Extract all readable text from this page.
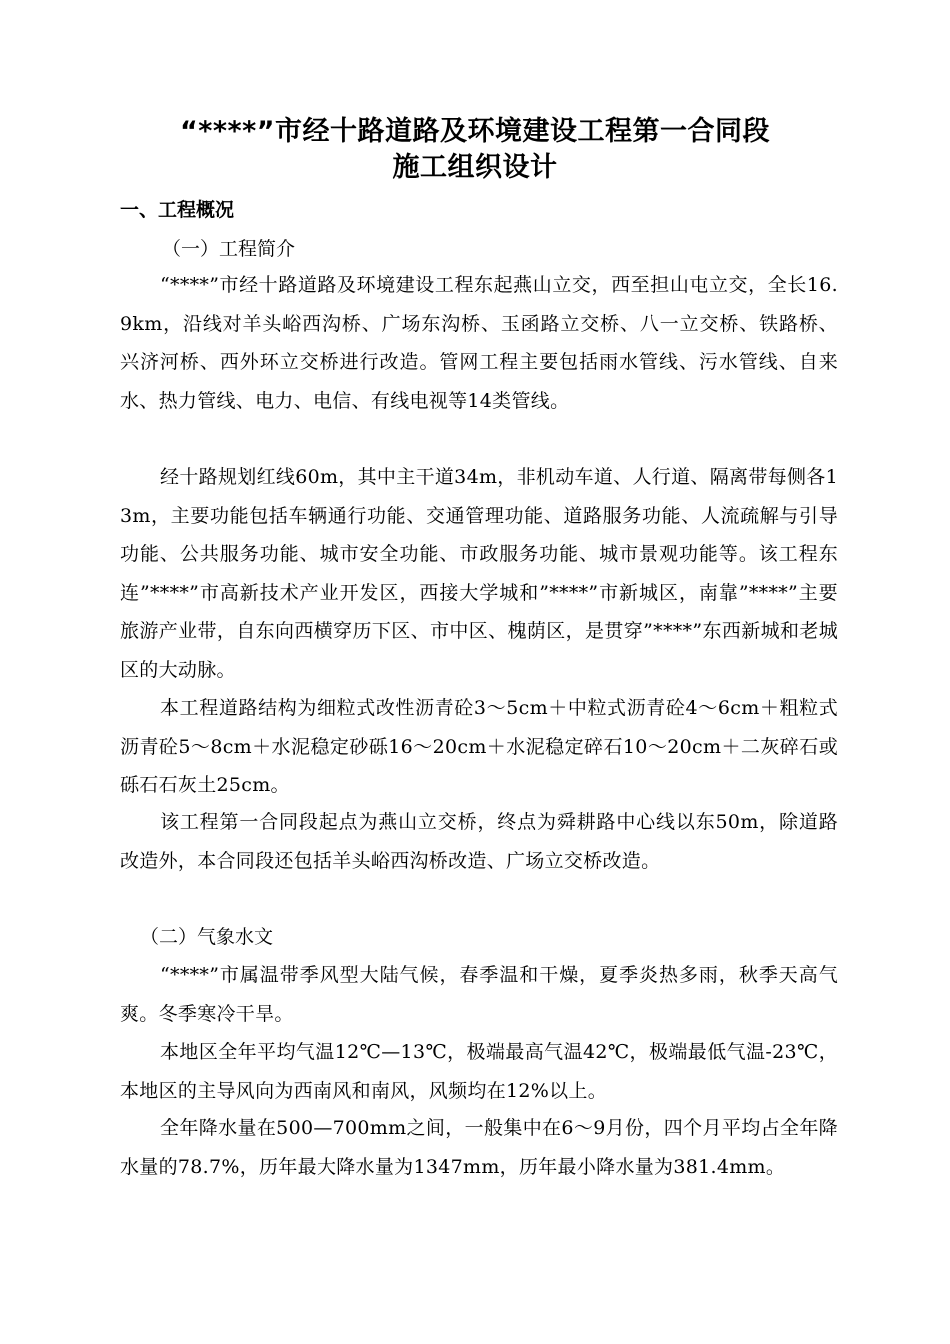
“****”市经十路道路及环境建设工程第一合同段
施工组织设计
一、工程概况
（一）工程简介

“****”市经十路道路及环境建设工程东起燕山立交，西至担山屯立交，全长16.9km，沿线对羊头峪西沟桥、广场东沟桥、玉函路立交桥、八一立交桥、铁路桥、兴济河桥、西外环立交桥进行改造。管网工程主要包括雨水管线、污水管线、自来水、热力管线、电力、电信、有线电视等14类管线。

经十路规划红线60m，其中主干道34m，非机动车道、人行道、隔离带每侧各13m，主要功能包括车辆通行功能、交通管理功能、道路服务功能、人流疏解与引导功能、公共服务功能、城市安全功能、市政服务功能、城市景观功能等。该工程东连”****”市高新技术产业开发区，西接大学城和”****”市新城区，南靠”****”主要旅游产业带，自东向西横穿历下区、市中区、槐荫区，是贯穿”****”东西新城和老城区的大动脉。

本工程道路结构为细粒式改性沥青砼3～5cm＋中粒式沥青砼4～6cm＋粗粒式沥青砼5～8cm＋水泥稳定砂砾16～20cm＋水泥稳定碎石10～20cm＋二灰碎石或砾石石灰土25cm。

该工程第一合同段起点为燕山立交桥，终点为舜耕路中心线以东50m，除道路改造外，本合同段还包括羊头峪西沟桥改造、广场立交桥改造。

（二）气象水文

“****”市属温带季风型大陆气候，春季温和干燥，夏季炎热多雨，秋季天高气爽。冬季寒冷干旱。

本地区全年平均气温12℃—13℃，极端最高气温42℃，极端最低气温-23℃，本地区的主导风向为西南风和南风，风频均在12%以上。

全年降水量在500—700mm之间，一般集中在6～9月份，四个月平均占全年降水量的78.7%，历年最大降水量为1347mm，历年最小降水量为381.4mm。
